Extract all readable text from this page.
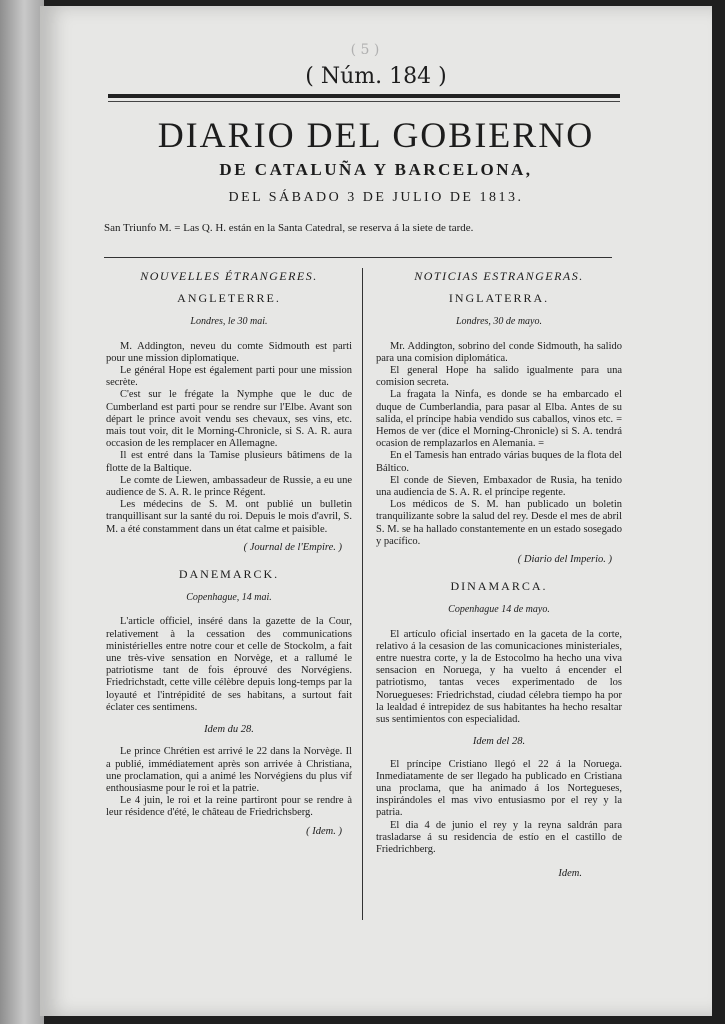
( 5 )
( Núm. 184 )
DIARIO DEL GOBIERNO
DE CATALUÑA Y BARCELONA,
DEL SÁBADO 3 DE JULIO DE 1813.
San Triunfo M. = Las Q. H. están en la Santa Catedral, se reserva á la siete de tarde.
NOUVELLES ÉTRANGERES.
ANGLETERRE.
Londres, le 30 mai.

M. Addington, neveu du comte Sidmouth est parti pour une mission diplomatique.

Le général Hope est également parti pour une mission secrète.

C'est sur le frégate la Nymphe que le duc de Cumberland est parti pour se rendre sur l'Elbe. Avant son départ le prince avoit vendu ses chevaux, ses vins, etc. mais tout voir, dit le Morning-Chronicle, si S. A. R. aura occasion de les remplacer en Allemagne.

Il est entré dans la Tamise plusieurs bâtimens de la flotte de la Baltique.

Le comte de Liewen, ambassadeur de Russie, a eu une audience de S. A. R. le prince Régent.

Les médecins de S. M. ont publié un bulletin tranquillisant sur la santé du roi. Depuis le mois d'avril, S. M. a été constamment dans un état calme et paisible.

( Journal de l'Empire. )
DANEMARCK.
Copenhague, 14 mai.

L'article officiel, inséré dans la gazette de la Cour, relativement à la cessation des communications ministérielles entre notre cour et celle de Stockolm, a fait une très-vive sensation en Norvège, et a rallumé le patriotisme tant de fois éprouvé des Norvégiens. Friedrichstadt, cette ville célèbre depuis long-temps par la loyauté et l'intrépidité de ses habitans, a surtout fait éclater ces sentimens.

Idem du 28.

Le prince Chrétien est arrivé le 22 dans la Norvège. Il a publié, immédiatement après son arrivée à Christiana, une proclamation, qui a animé les Norvégiens du plus vif enthousiasme pour le roi et la patrie.

Le 4 juin, le roi et la reine partiront pour se rendre à leur résidence d'été, le château de Friedrichsberg.

( Idem. )
NOTICIAS ESTRANGERAS.
INGLATERRA.
Londres, 30 de mayo.

Mr. Addington, sobrino del conde Sidmouth, ha salido para una comision diplomática.

El general Hope ha salido igualmente para una comision secreta.

La fragata la Ninfa, es donde se ha embarcado el duque de Cumberlandia, para pasar al Elba. Antes de su salida, el príncipe habia vendido sus caballos, vinos etc. = Hemos de ver (dice el Morning-Chronicle) si S. A. tendrá ocasion de remplazarlos en Alemania. =

En el Tamesis han entrado várias buques de la flota del Báltico.

El conde de Sieven, Embaxador de Rusia, ha tenido una audiencia de S. A. R. el príncipe regente.

Los médicos de S. M. han publicado un boletin tranquilizante sobre la salud del rey. Desde el mes de abril S. M. se ha hallado constantemente en un estado sosegado y pacífico.

( Diario del Imperio. )
DINAMARCA.
Copenhague 14 de mayo.

El artículo oficial insertado en la gaceta de la corte, relativo á la cesasion de las comunicaciones ministeriales, entre nuestra corte, y la de Estocolmo ha hecho una viva sensacion en Noruega, y ha vuelto á encender el patriotismo, tantas veces experimentado de los Noruegueses: Friedrichstad, ciudad célebra tiempo ha por la lealdad é intrepidez de sus habitantes ha hecho resaltar sus sentimientos con especialidad.

Idem del 28.

El príncipe Cristiano llegó el 22 á la Noruega. Inmediatamente de ser llegado ha publicado en Cristiana una proclama, que ha animado á los Nortegueses, inspirándoles el mas vivo entusiasmo por el rey y la patria.

El dia 4 de junio el rey y la reyna saldrán para trasladarse á su residencia de estío en el castillo de Friedrichberg.

Idem.
